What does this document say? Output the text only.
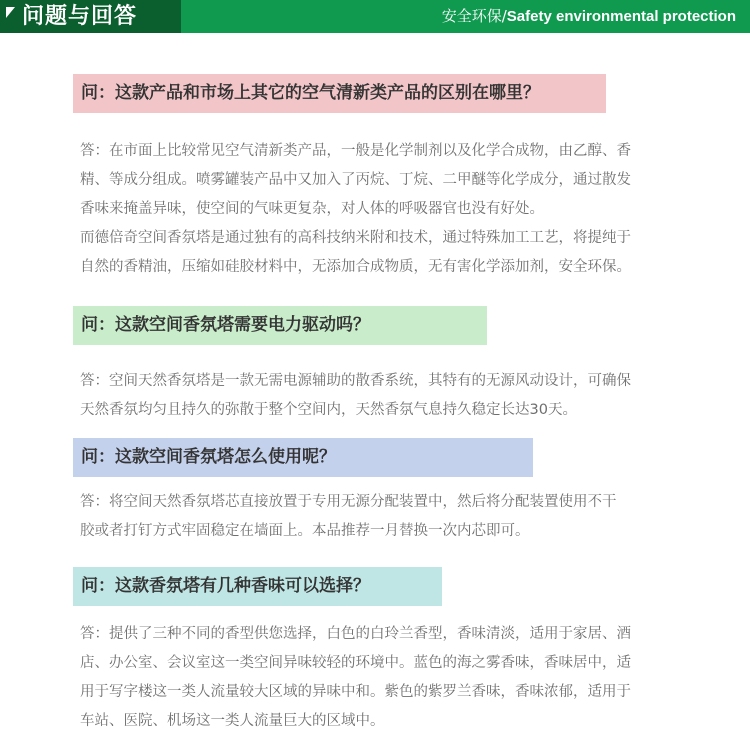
问题与回答	安全环保/Safety environmental protection
问：这款产品和市场上其它的空气清新类产品的区别在哪里？

答：在市面上比较常见空气清新类产品，一般是化学制剂以及化学合成物，由乙醇、香

精、等成分组成。喷雾罐装产品中又加入了丙烷、丁烷、二甲醚等化学成分，通过散发

香味来掩盖异味，使空间的气味更复杂，对人体的呼吸器官也没有好处。

而德倍奇空间香氛塔是通过独有的高科技纳米附和技术，通过特殊加工工艺，将提纯于

自然的香精油，压缩如硅胶材料中，无添加合成物质，无有害化学添加剂，安全环保。

问：这款空间香氛塔需要电力驱动吗？

答：空间天然香氛塔是一款无需电源辅助的散香系统，其特有的无源风动设计，可确保

天然香氛均匀且持久的弥散于整个空间内，天然香氛气息持久稳定长达30天。

问：这款空间香氛塔怎么使用呢？

答：将空间天然香氛塔芯直接放置于专用无源分配装置中，然后将分配装置使用不干

胶或者打钉方式牢固稳定在墙面上。本品推荐一月替换一次内芯即可。

问：这款香氛塔有几种香味可以选择？

答：提供了三种不同的香型供您选择，白色的白玲兰香型，香味清淡，适用于家居、酒

店、办公室、会议室这一类空间异味较轻的环境中。蓝色的海之雾香味，香味居中，适

用于写字楼这一类人流量较大区域的异味中和。紫色的紫罗兰香味，香味浓郁，适用于

车站、医院、机场这一类人流量巨大的区域中。
